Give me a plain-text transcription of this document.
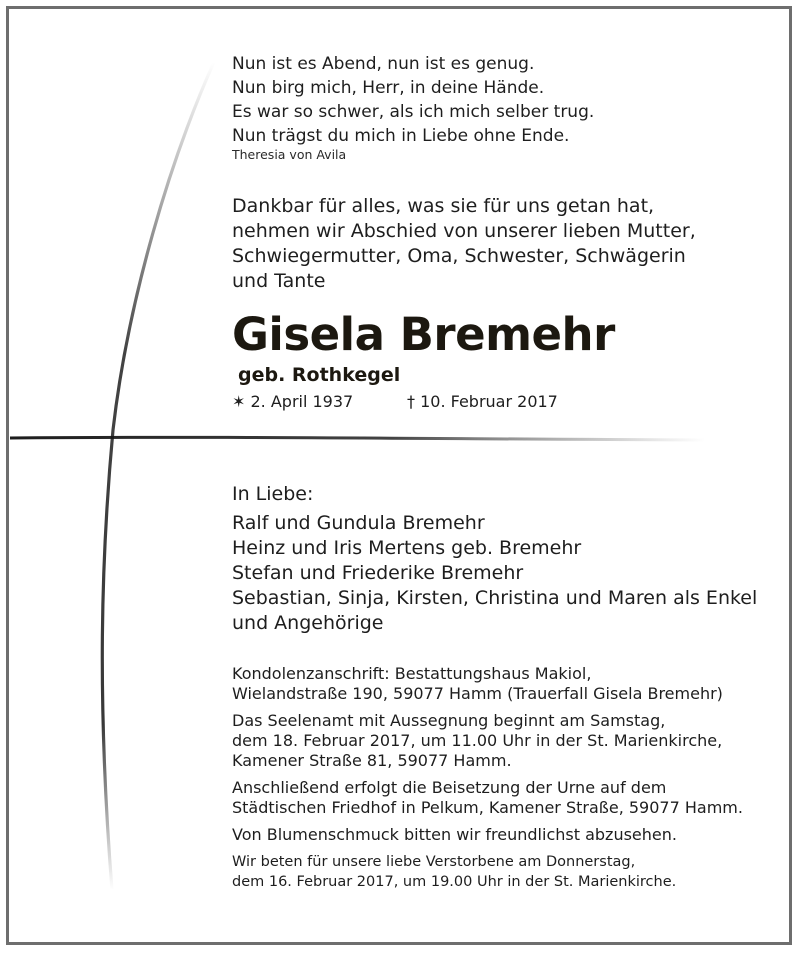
Nun ist es Abend, nun ist es genug.
Nun birg mich, Herr, in deine Hände.
Es war so schwer, als ich mich selber trug.
Nun trägst du mich in Liebe ohne Ende.
Theresia von Avila
Dankbar für alles, was sie für uns getan hat,
nehmen wir Abschied von unserer lieben Mutter,
Schwiegermutter, Oma, Schwester, Schwägerin
und Tante
Gisela Bremehr
geb. Rothkegel
✶ 2. April 1937	† 10. Februar 2017
In Liebe:
Ralf und Gundula Bremehr
Heinz und Iris Mertens geb. Bremehr
Stefan und Friederike Bremehr
Sebastian, Sinja, Kirsten, Christina und Maren als Enkel
und Angehörige

Kondolenzanschrift: Bestattungshaus Makiol,
Wielandstraße 190, 59077 Hamm (Trauerfall Gisela Bremehr)

Das Seelenamt mit Aussegnung beginnt am Samstag,
dem 18. Februar 2017, um 11.00 Uhr in der St. Marienkirche,
Kamener Straße 81, 59077 Hamm.

Anschließend erfolgt die Beisetzung der Urne auf dem
Städtischen Friedhof in Pelkum, Kamener Straße, 59077 Hamm.

Von Blumenschmuck bitten wir freundlichst abzusehen.

Wir beten für unsere liebe Verstorbene am Donnerstag,
dem 16. Februar 2017, um 19.00 Uhr in der St. Marienkirche.
